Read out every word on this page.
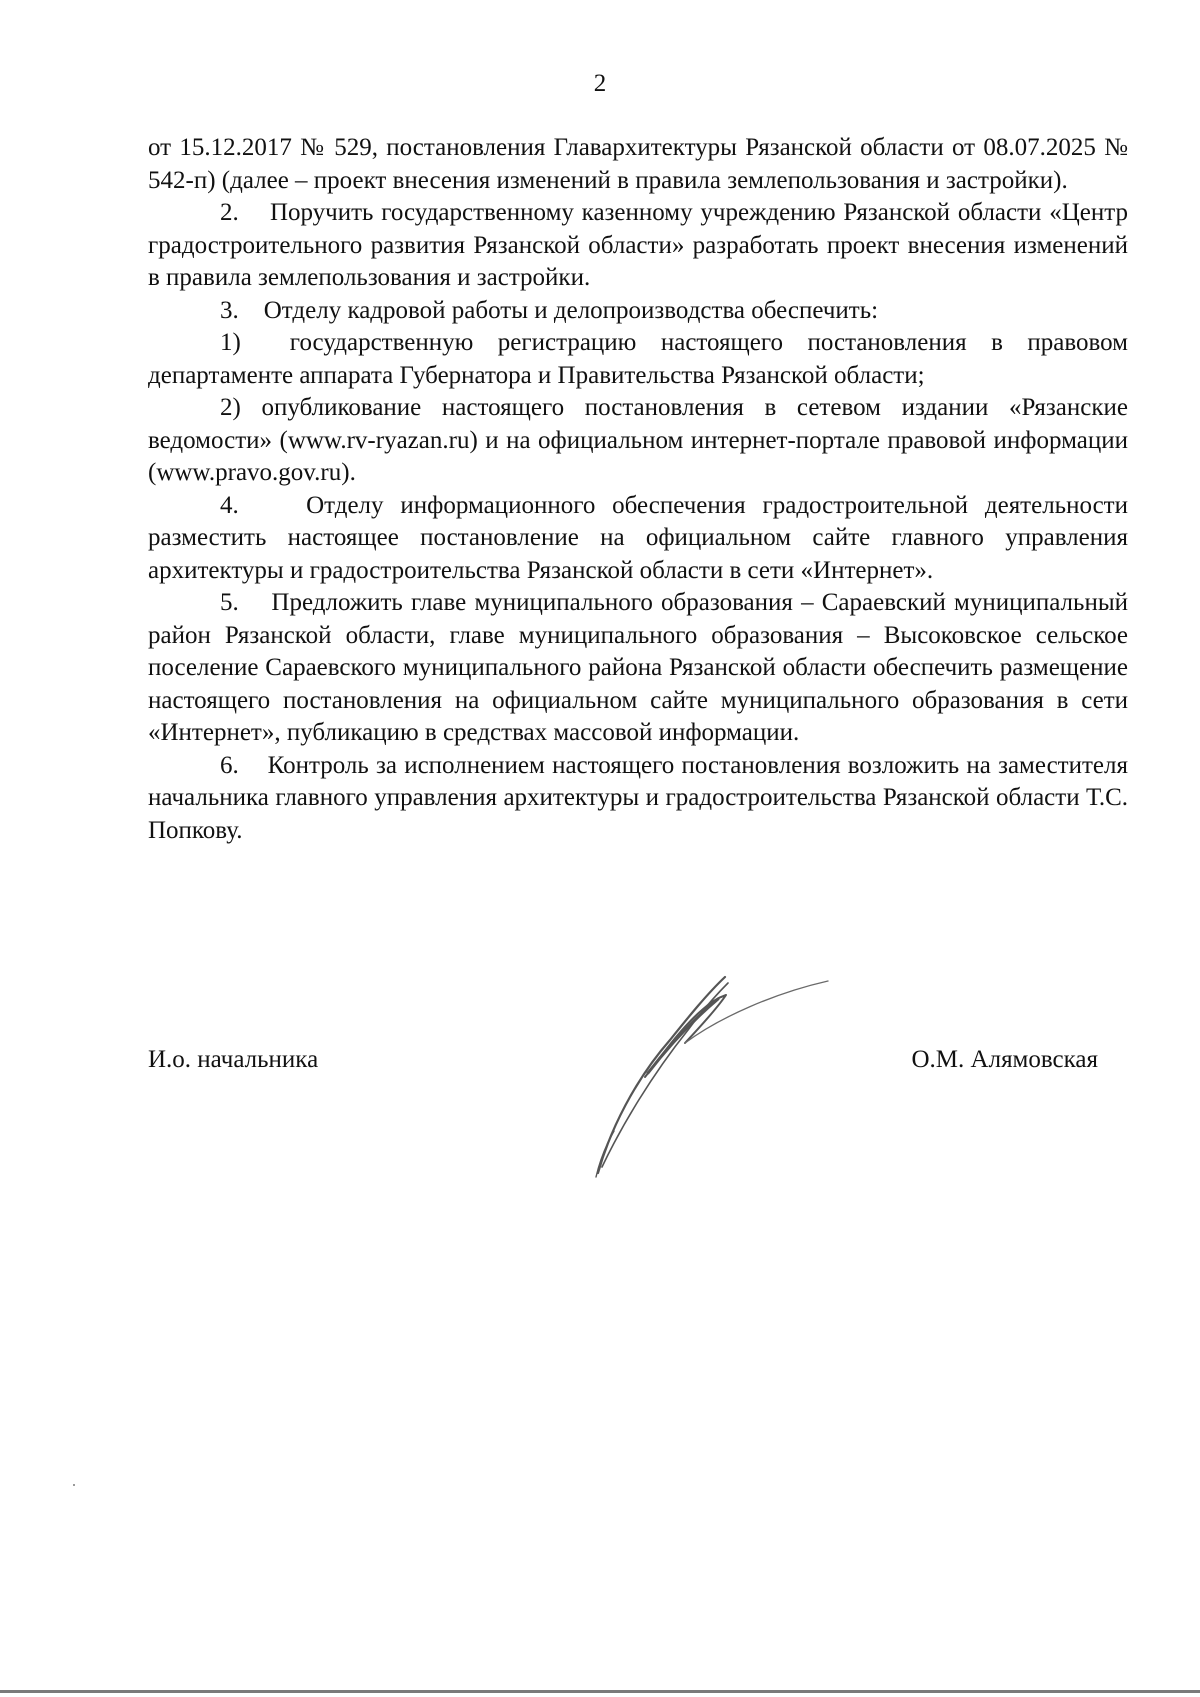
2

от 15.12.2017 № 529, постановления Главархитектуры Рязанской области от 08.07.2025 № 542-п) (далее – проект внесения изменений в правила землепользования и застройки).

2.    Поручить государственному казенному учреждению Рязанской области «Центр градостроительного развития Рязанской области» разработать проект внесения изменений в правила землепользования и застройки.

3.    Отделу кадровой работы и делопроизводства обеспечить:

1)  государственную регистрацию настоящего постановления в правовом департаменте аппарата Губернатора и Правительства Рязанской области;

2) опубликование настоящего постановления в сетевом издании «Рязанские ведомости» (www.rv-ryazan.ru) и на официальном интернет-портале правовой информации (www.pravo.gov.ru).

4.    Отделу информационного обеспечения градостроительной деятельности разместить настоящее постановление на официальном сайте главного управления архитектуры и градостроительства Рязанской области в сети «Интернет».

5.    Предложить главе муниципального образования – Сараевский муниципальный район Рязанской области, главе муниципального образования – Высоковское сельское поселение Сараевского муниципального района Рязанской области обеспечить размещение настоящего постановления на официальном сайте муниципального образования в сети «Интернет», публикацию в средствах массовой информации.

6.    Контроль за исполнением настоящего постановления возложить на заместителя начальника главного управления архитектуры и градостроительства Рязанской области Т.С. Попкову.

И.о. начальника	О.М. Алямовская
